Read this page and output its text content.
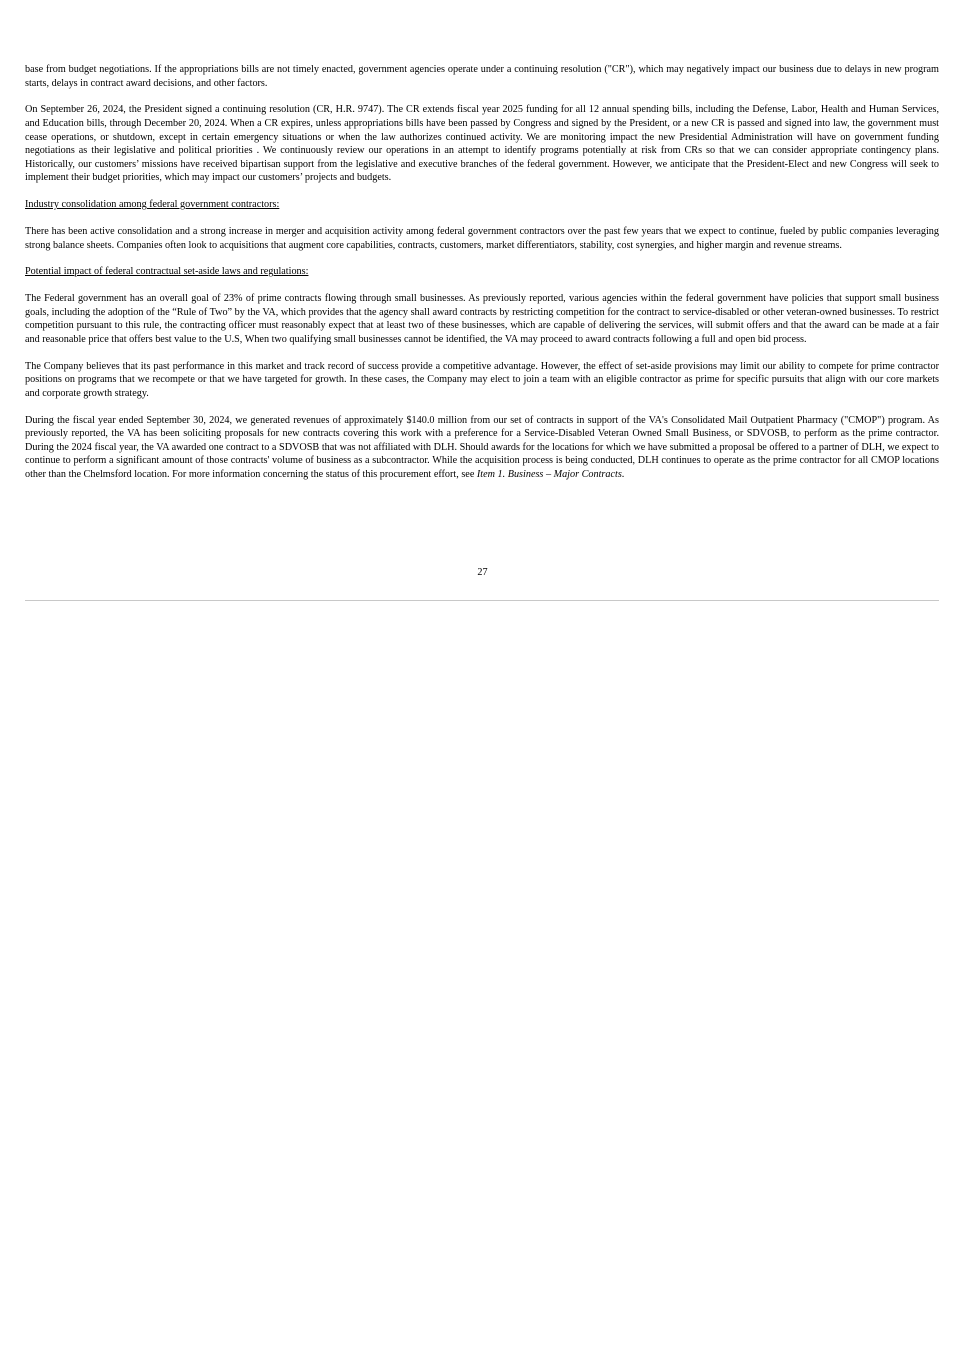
base from budget negotiations. If the appropriations bills are not timely enacted, government agencies operate under a continuing resolution ("CR"), which may negatively impact our business due to delays in new program starts, delays in contract award decisions, and other factors.

On September 26, 2024, the President signed a continuing resolution (CR, H.R. 9747). The CR extends fiscal year 2025 funding for all 12 annual spending bills, including the Defense, Labor, Health and Human Services, and Education bills, through December 20, 2024. When a CR expires, unless appropriations bills have been passed by Congress and signed by the President, or a new CR is passed and signed into law, the government must cease operations, or shutdown, except in certain emergency situations or when the law authorizes continued activity. We are monitoring impact the new Presidential Administration will have on government funding negotiations as their legislative and political priorities . We continuously review our operations in an attempt to identify programs potentially at risk from CRs so that we can consider appropriate contingency plans. Historically, our customers’ missions have received bipartisan support from the legislative and executive branches of the federal government. However, we anticipate that the President-Elect and new Congress will seek to implement their budget priorities, which may impact our customers’ projects and budgets.

Industry consolidation among federal government contractors:

There has been active consolidation and a strong increase in merger and acquisition activity among federal government contractors over the past few years that we expect to continue, fueled by public companies leveraging strong balance sheets. Companies often look to acquisitions that augment core capabilities, contracts, customers, market differentiators, stability, cost synergies, and higher margin and revenue streams.

Potential impact of federal contractual set-aside laws and regulations:

The Federal government has an overall goal of 23% of prime contracts flowing through small businesses. As previously reported, various agencies within the federal government have policies that support small business goals, including the adoption of the “Rule of Two” by the VA, which provides that the agency shall award contracts by restricting competition for the contract to service-disabled or other veteran-owned businesses. To restrict competition pursuant to this rule, the contracting officer must reasonably expect that at least two of these businesses, which are capable of delivering the services, will submit offers and that the award can be made at a fair and reasonable price that offers best value to the U.S, When two qualifying small businesses cannot be identified, the VA may proceed to award contracts following a full and open bid process.

The Company believes that its past performance in this market and track record of success provide a competitive advantage. However, the effect of set-aside provisions may limit our ability to compete for prime contractor positions on programs that we recompete or that we have targeted for growth. In these cases, the Company may elect to join a team with an eligible contractor as prime for specific pursuits that align with our core markets and corporate growth strategy.

During the fiscal year ended September 30, 2024, we generated revenues of approximately $140.0 million from our set of contracts in support of the VA's Consolidated Mail Outpatient Pharmacy ("CMOP") program. As previously reported, the VA has been soliciting proposals for new contracts covering this work with a preference for a Service-Disabled Veteran Owned Small Business, or SDVOSB, to perform as the prime contractor. During the 2024 fiscal year, the VA awarded one contract to a SDVOSB that was not affiliated with DLH. Should awards for the locations for which we have submitted a proposal be offered to a partner of DLH, we expect to continue to perform a significant amount of those contracts' volume of business as a subcontractor. While the acquisition process is being conducted, DLH continues to operate as the prime contractor for all CMOP locations other than the Chelmsford location. For more information concerning the status of this procurement effort, see Item 1. Business – Major Contracts.

27
